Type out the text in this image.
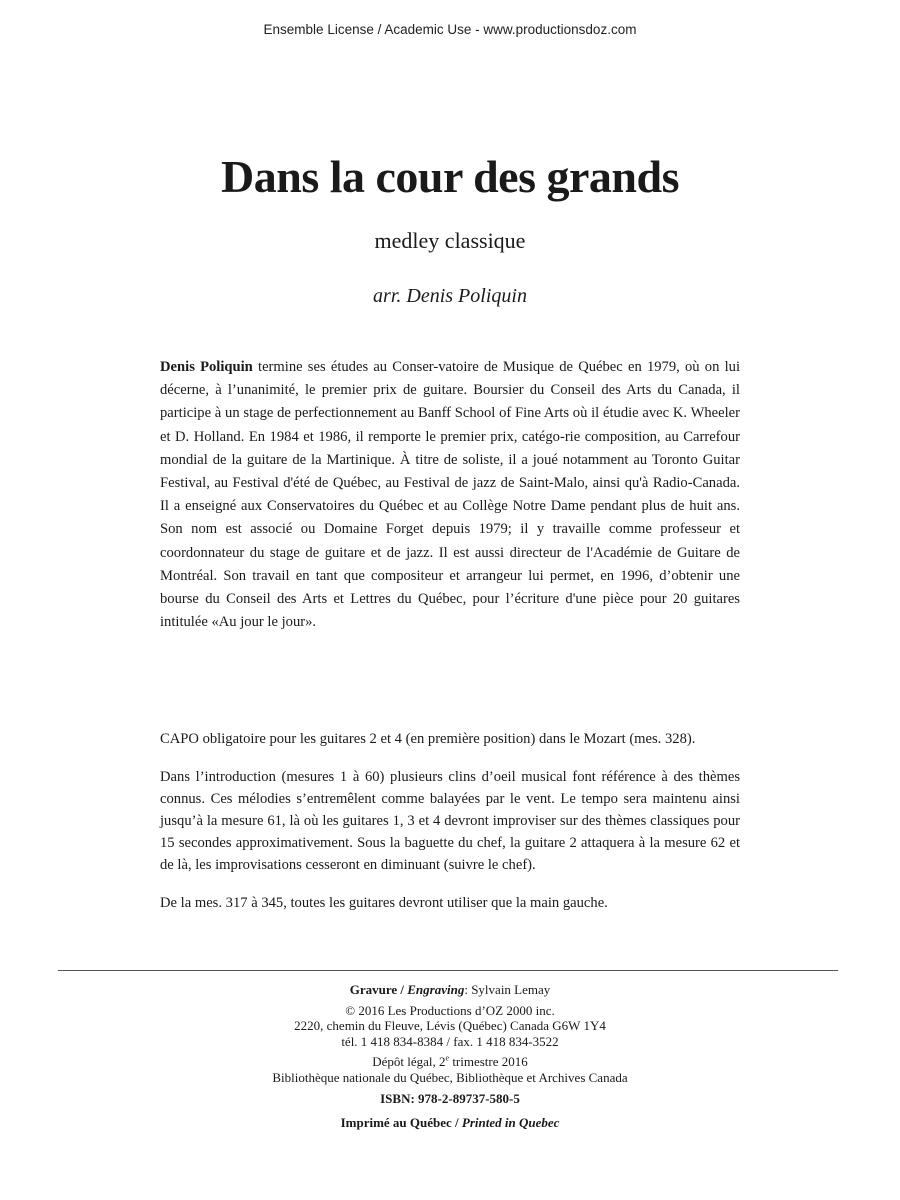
Ensemble License / Academic Use - www.productionsdoz.com
Dans la cour des grands
medley classique
arr. Denis Poliquin

Denis Poliquin termine ses études au Conser-vatoire de Musique de Québec en 1979, où on lui décerne, à l’unanimité, le premier prix de guitare. Boursier du Conseil des Arts du Canada, il participe à un stage de perfectionnement au Banff School of Fine Arts où il étudie avec K. Wheeler et D. Holland. En 1984 et 1986, il remporte le premier prix, catégo-rie composition, au Carrefour mondial de la guitare de la Martinique. À titre de soliste, il a joué notamment au Toronto Guitar Festival, au Festival d'été de Québec, au Festival de jazz de Saint-Malo, ainsi qu'à Radio-Canada. Il a enseigné aux Conservatoires du Québec et au Collège Notre Dame pendant plus de huit ans. Son nom est associé ou Domaine Forget depuis 1979; il y travaille comme professeur et coordonnateur du stage de guitare et de jazz. Il est aussi directeur de l'Académie de Guitare de Montréal. Son travail en tant que compositeur et arrangeur lui permet, en 1996, d’obtenir une bourse du Conseil des Arts et Lettres du Québec, pour l’écriture d'une pièce pour 20 guitares intitulée «Au jour le jour».

CAPO obligatoire pour les guitares 2 et 4 (en première position) dans le Mozart (mes. 328).

Dans l’introduction (mesures 1 à 60) plusieurs clins d’oeil musical font référence à des thèmes connus. Ces mélodies s’entremêlent comme balayées par le vent. Le tempo sera maintenu ainsi jusqu’à la mesure 61, là où les guitares 1, 3 et 4 devront improviser sur des thèmes classiques pour 15 secondes approximativement. Sous la baguette du chef, la guitare 2 attaquera à la mesure 62 et de là, les improvisations cesseront en diminuant (suivre le chef).

De la mes. 317 à 345, toutes les guitares devront utiliser que la main gauche.

Gravure / Engraving: Sylvain Lemay
© 2016 Les Productions d’OZ 2000 inc.
2220, chemin du Fleuve, Lévis (Québec) Canada G6W 1Y4
tél. 1 418 834-8384 / fax. 1 418 834-3522
Dépôt légal, 2e trimestre 2016
Bibliothèque nationale du Québec, Bibliothèque et Archives Canada
ISBN: 978-2-89737-580-5
Imprimé au Québec / Printed in Quebec
